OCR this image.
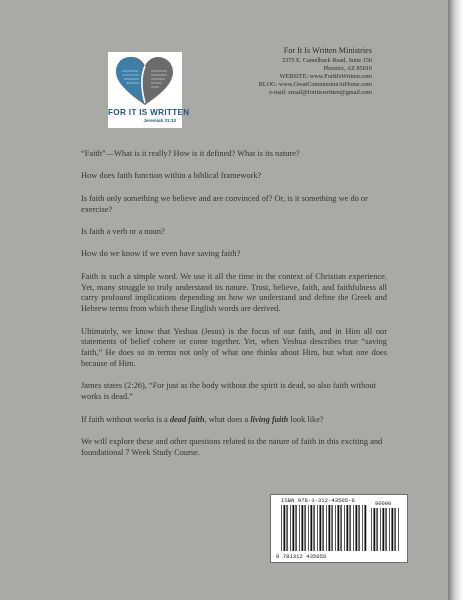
FOR IT IS WRITTEN
Jeremiah 31:33
For It Is Written Ministries
2375 E. Camelback Road, Suite 150
Phoenix, AZ 85016
WEBSITE: www.ForItIsWritten.com
BLOG: www.GreatCommissionAtHome.com
e-mail: email@foritiswritten@gmail.com

“Faith”—What is it really? How is it defined? What is its nature?

How does faith function within a biblical framework?

Is faith only something we believe and are convinced of? Or, is it something we do or exercise?

Is faith a verb or a noun?

How do we know if we even have saving faith?

Faith is such a simple word. We use it all the time in the context of Christian experience. Yet, many struggle to truly understand its nature. Trust, believe, faith, and faithfulness all carry profound implications depending on how we understand and define the Greek and Hebrew terms from which these English words are derived.

Ultimately, we know that Yeshua (Jesus) is the focus of our faith, and in Him all our statements of belief cohere or come together. Yet, when Yeshua describes true “saving faith,” He does so in terms not only of what one thinks about Him, but what one does because of Him.

James states (2:26), “For just as the body without the spirit is dead, so also faith without works is dead.”

If faith without works is a dead faith, what does a living faith look like?

We will explore these and other questions related to the nature of faith in this exciting and foundational 7 Week Study Course.

ISBN 978-1-312-43505-6	90000
9 781312 435056
